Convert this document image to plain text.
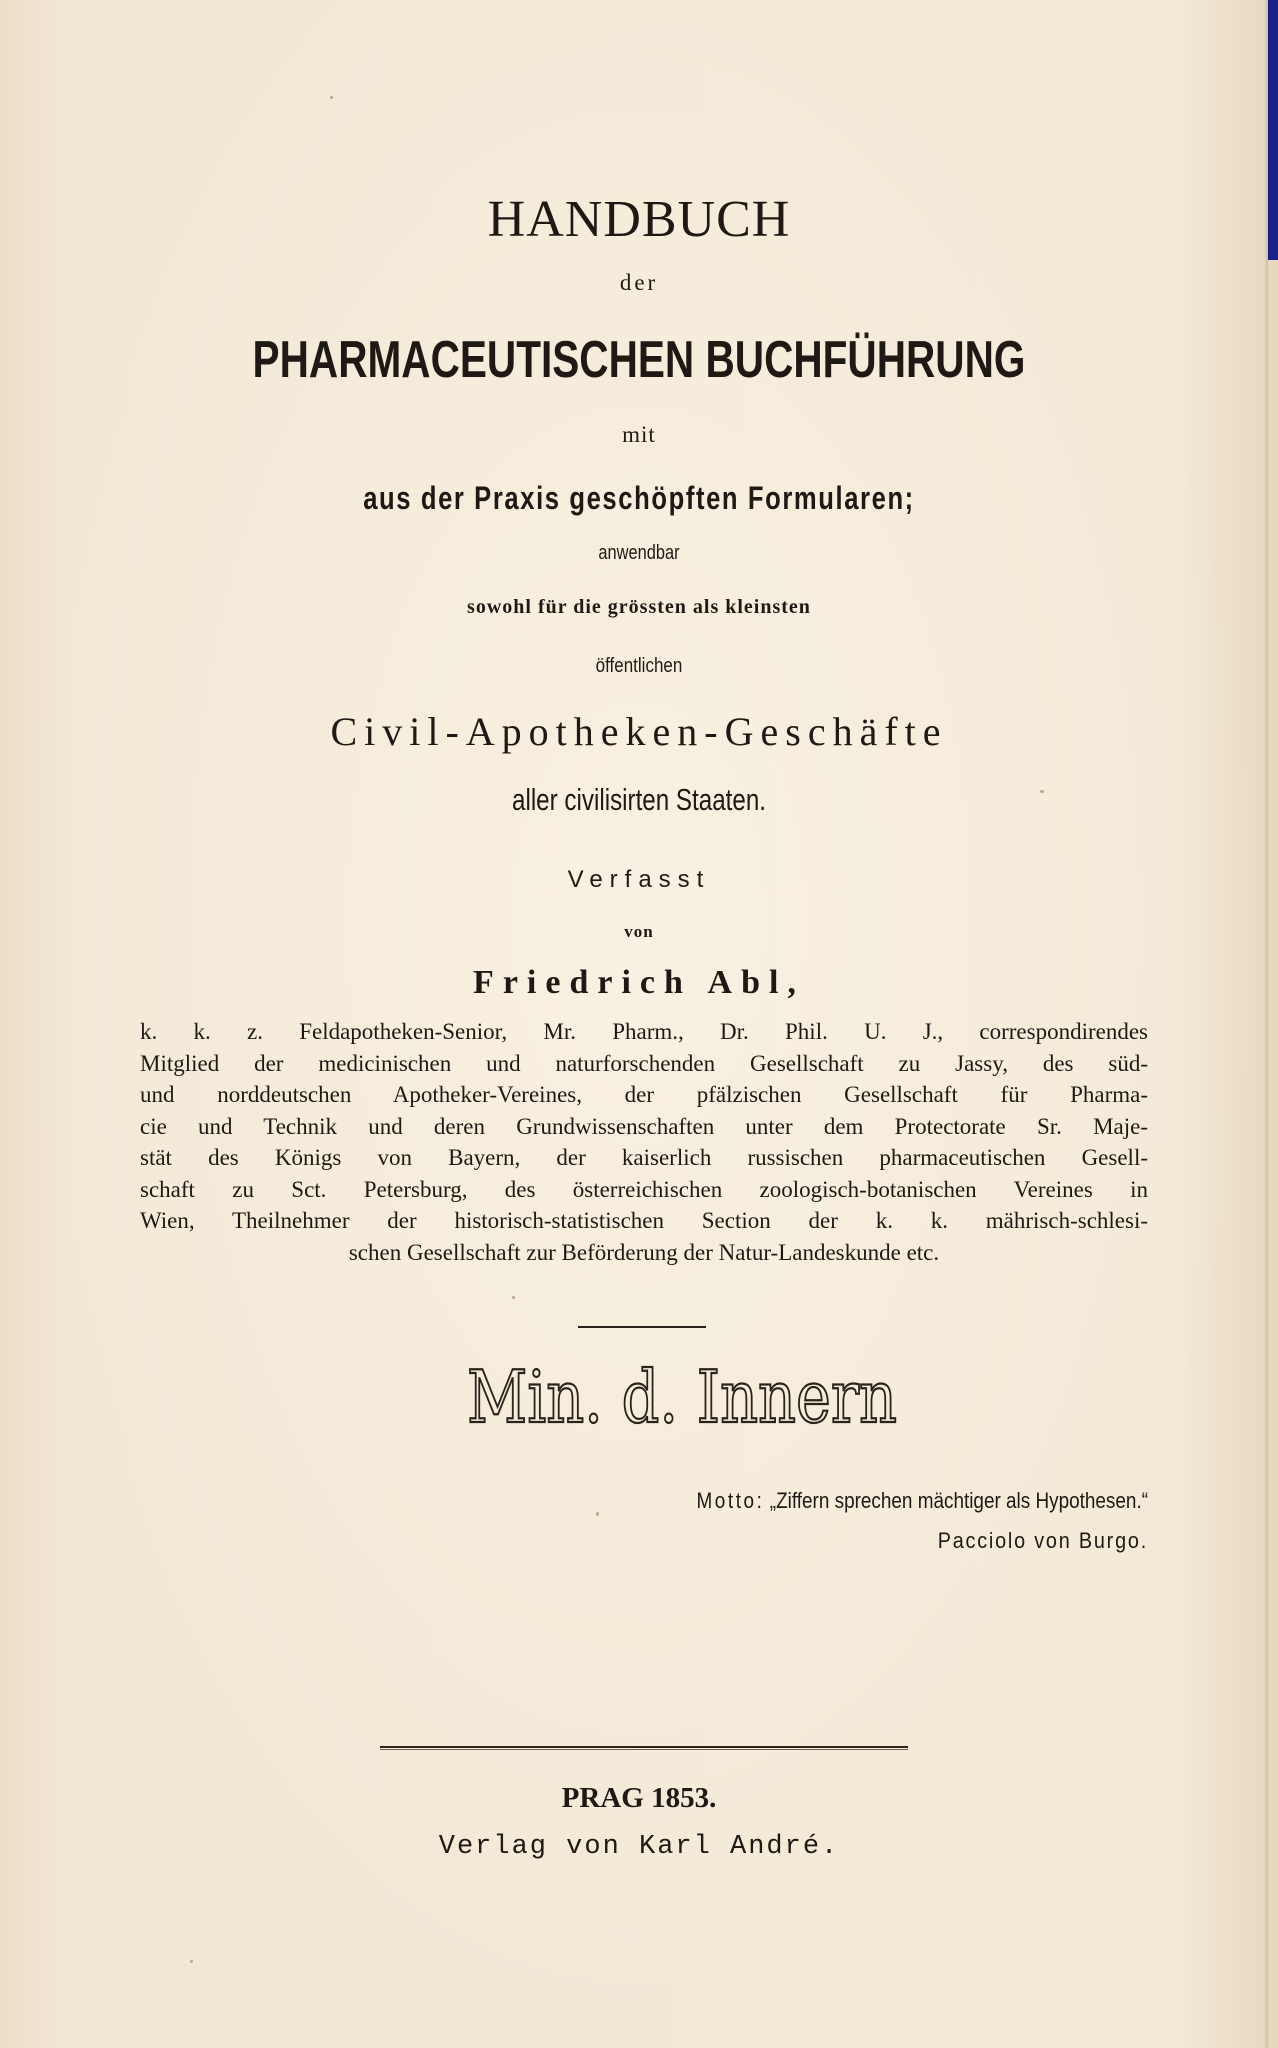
HANDBUCH
der
PHARMACEUTISCHEN BUCHFÜHRUNG
mit
aus der Praxis geschöpften Formularen;
anwendbar
sowohl für die grössten als kleinsten
öffentlichen
Civil-Apotheken-Geschäfte
aller civilisirten Staaten.
Verfasst
von
Friedrich Abl,
k. k. z. Feldapotheken-Senior, Mr. Pharm., Dr. Phil. U. J., correspondirendes
Mitglied der medicinischen und naturforschenden Gesellschaft zu Jassy, des süd-
und norddeutschen Apotheker-Vereines, der pfälzischen Gesellschaft für Pharma-
cie und Technik und deren Grundwissenschaften unter dem Protectorate Sr. Maje-
stät des Königs von Bayern, der kaiserlich russischen pharmaceutischen Gesell-
schaft zu Sct. Petersburg, des österreichischen zoologisch-botanischen Vereines in
Wien, Theilnehmer der historisch-statistischen Section der k. k. mährisch-schlesi-
schen Gesellschaft zur Beförderung der Natur-Landeskunde etc.
Min. d. Innern
Motto: „Ziffern sprechen mächtiger als Hypothesen.“
Pacciolo von Burgo.
PRAG 1853.
Verlag von Karl André.
